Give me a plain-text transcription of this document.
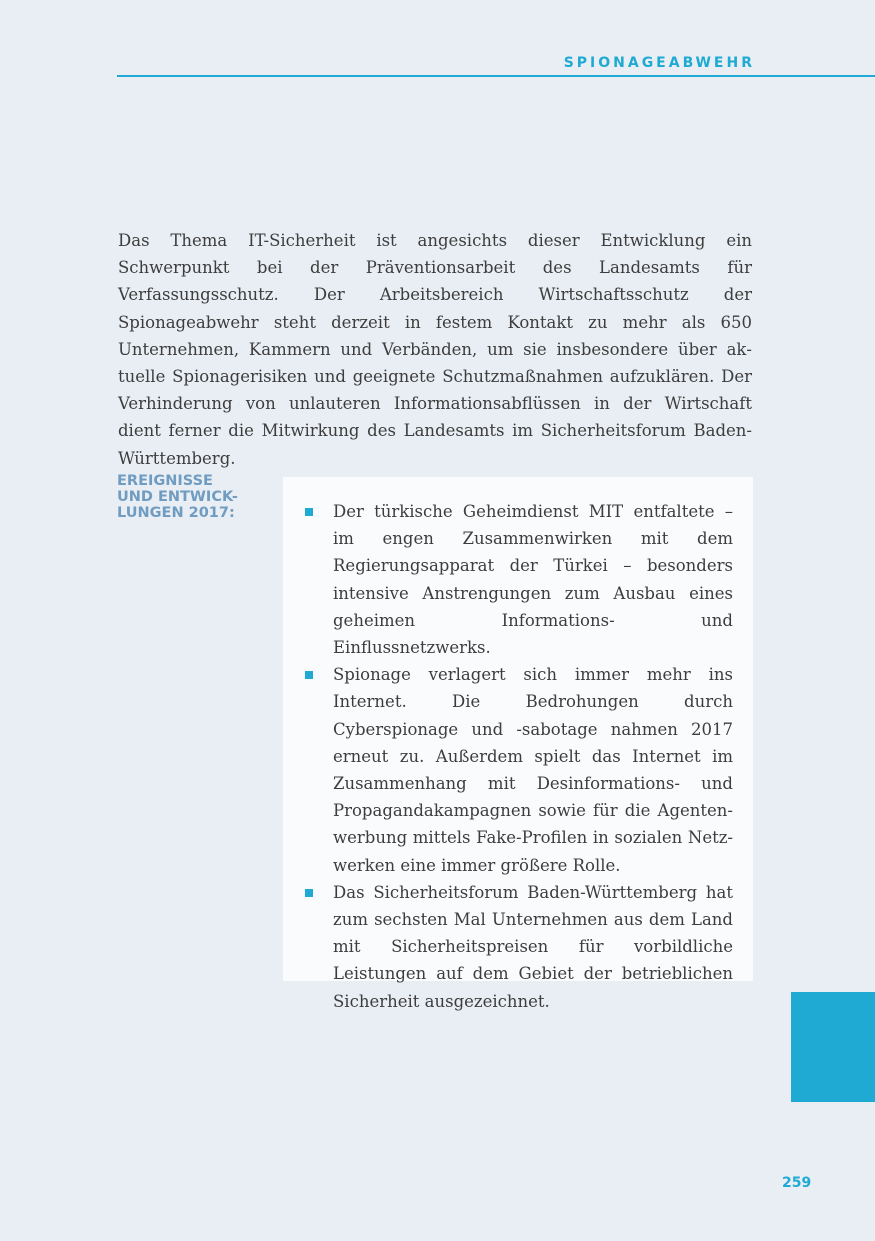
SPIONAGEABWEHR

Das Thema IT-Sicherheit ist angesichts dieser Entwicklung ein Schwerpunkt bei der Präventionsarbeit des Landesamts für Verfassungsschutz. Der Arbeitsbereich Wirtschaftsschutz der Spionageabwehr steht derzeit in festem Kontakt zu mehr als 650 Unternehmen, Kammern und Verbänden, um sie insbesondere über aktuelle Spionagerisiken und geeignete Schutzmaßnahmen aufzuklären. Der Verhinderung von unlauteren Informationsabflüssen in der Wirtschaft dient ferner die Mitwirkung des Landesamts im Sicherheitsforum Baden-Württemberg.

EREIGNISSE
UND ENTWICK-
LUNGEN 2017:	Der türkische Geheimdienst MIT entfaltete – im engen Zusammenwirken mit dem Regierungsapparat der Türkei – besonders intensive Anstrengungen zum Ausbau eines geheimen Informations- und Einflussnetzwerks.
Spionage verlagert sich immer mehr ins Internet. Die Bedrohungen durch Cyberspionage und -sabotage nahmen 2017 erneut zu. Außerdem spielt das Internet im Zusammenhang mit Desinformations- und Propagandakampagnen sowie für die Agentenwerbung mittels Fake-Profilen in sozialen Netzwerken eine immer größere Rolle.
Das Sicherheitsforum Baden-Württemberg hat zum sechsten Mal Unternehmen aus dem Land mit Sicherheitspreisen für vorbildliche Leistungen auf dem Gebiet der betrieblichen Sicherheit ausgezeichnet.
259
